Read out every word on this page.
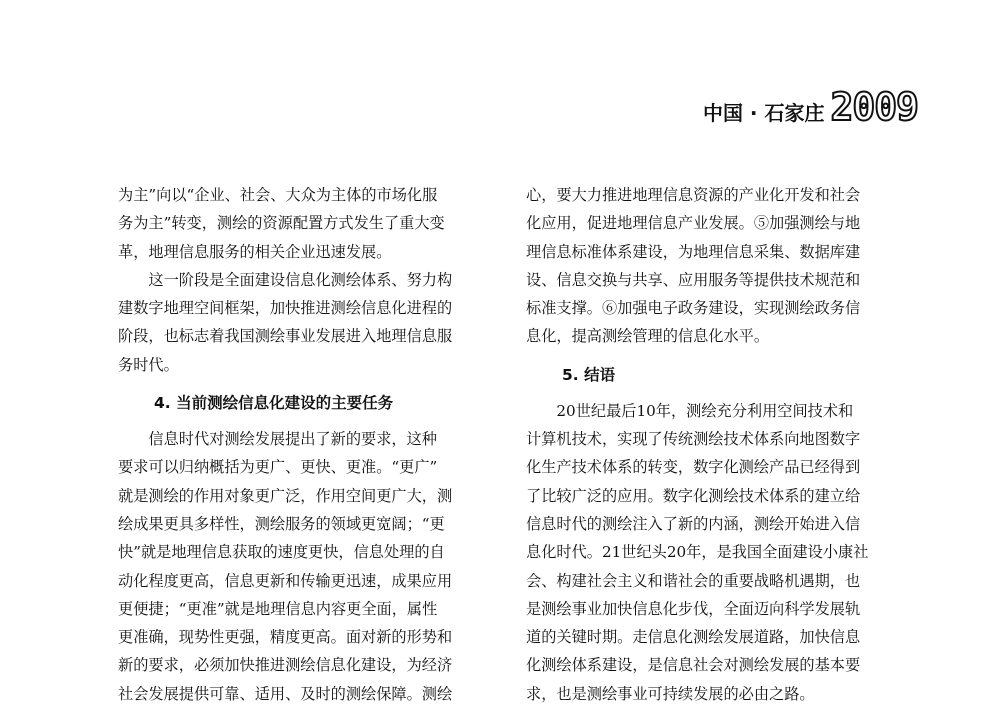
中国 · 石家庄 2009

为主”向以“企业、社会、大众为主体的市场化服
务为主”转变，测绘的资源配置方式发生了重大变
革，地理信息服务的相关企业迅速发展。

这一阶段是全面建设信息化测绘体系、努力构
建数字地理空间框架，加快推进测绘信息化进程的
阶段，也标志着我国测绘事业发展进入地理信息服
务时代。

4. 当前测绘信息化建设的主要任务

信息时代对测绘发展提出了新的要求，这种
要求可以归纳概括为更广、更快、更准。“更广”
就是测绘的作用对象更广泛，作用空间更广大，测
绘成果更具多样性，测绘服务的领域更宽阔；“更
快”就是地理信息获取的速度更快，信息处理的自
动化程度更高，信息更新和传输更迅速，成果应用
更便捷；“更准”就是地理信息内容更全面，属性
更准确，现势性更强，精度更高。面对新的形势和
新的要求，必须加快推进测绘信息化建设，为经济
社会发展提供可靠、适用、及时的测绘保障。测绘

心，要大力推进地理信息资源的产业化开发和社会
化应用，促进地理信息产业发展。⑤加强测绘与地
理信息标准体系建设，为地理信息采集、数据库建
设、信息交换与共享、应用服务等提供技术规范和
标准支撑。⑥加强电子政务建设，实现测绘政务信
息化，提高测绘管理的信息化水平。

5. 结语

20世纪最后10年，测绘充分利用空间技术和
计算机技术，实现了传统测绘技术体系向地图数字
化生产技术体系的转变，数字化测绘产品已经得到
了比较广泛的应用。数字化测绘技术体系的建立给
信息时代的测绘注入了新的内涵，测绘开始进入信
息化时代。21世纪头20年，是我国全面建设小康社
会、构建社会主义和谐社会的重要战略机遇期，也
是测绘事业加快信息化步伐，全面迈向科学发展轨
道的关键时期。走信息化测绘发展道路，加快信息
化测绘体系建设，是信息社会对测绘发展的基本要
求，也是测绘事业可持续发展的必由之路。
